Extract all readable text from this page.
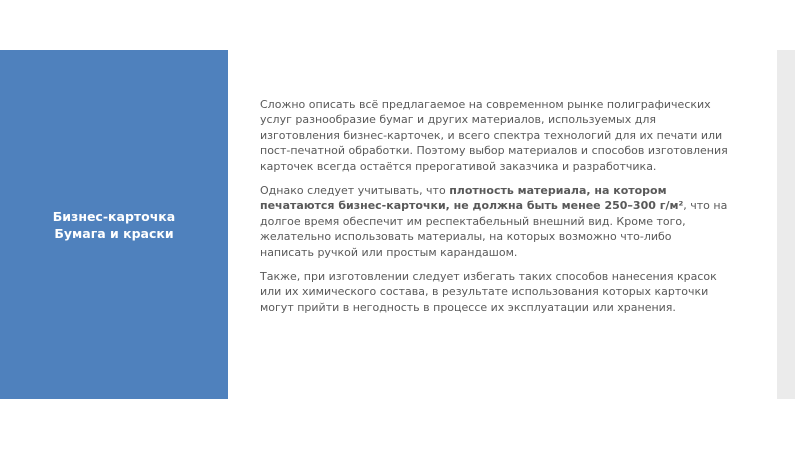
Бизнес-карточка
Бумага и краски

Сложно описать всё предлагаемое на современном рынке полиграфических услуг разнообразие бумаг и других материалов, используемых для изготовления бизнес-карточек, и всего спектра технологий для их печати или пост-печатной обработки. Поэтому выбор материалов и способов изготовления карточек всегда остаётся прерогативой заказчика и разработчика.

Однако следует учитывать, что плотность материала, на котором печатаются бизнес-карточки, не должна быть менее 250–300 г/м², что на долгое время обеспечит им респектабельный внешний вид. Кроме того, желательно использовать материалы, на которых возможно что-либо написать ручкой или простым карандашом.

Также, при изготовлении следует избегать таких способов нанесения красок или их химического состава, в результате использования которых карточки могут прийти в негодность в процессе их эксплуатации или хранения.
